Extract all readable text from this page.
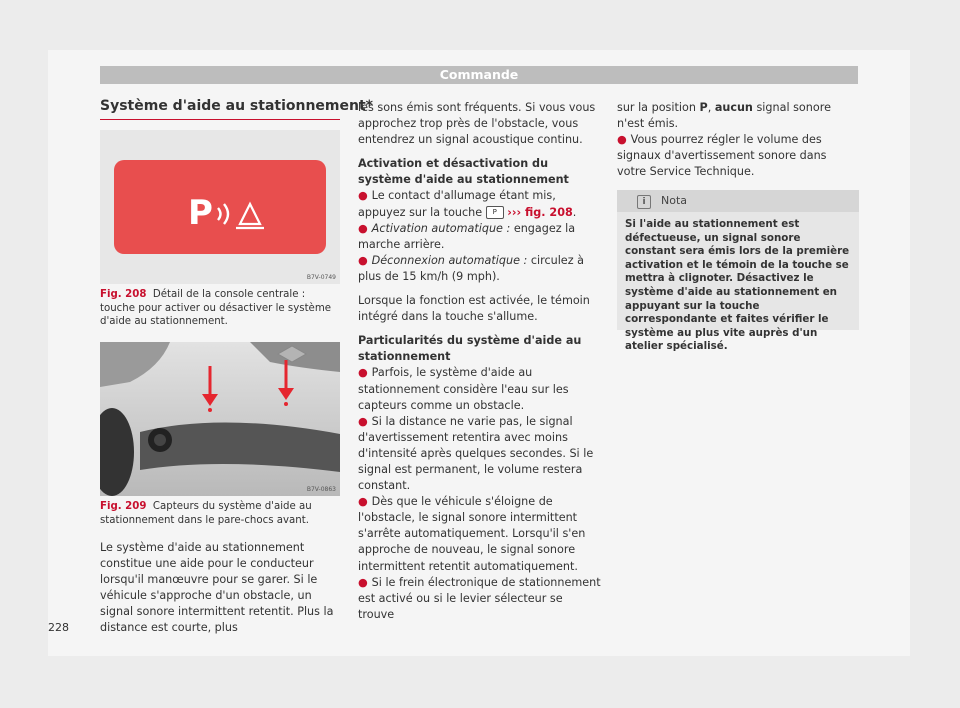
Commande
Système d'aide au stationnement*
P
B7V-0749
Fig. 208 Détail de la console centrale : touche pour activer ou désactiver le système d'aide au stationnement.
B7V-0863
Fig. 209 Capteurs du système d'aide au stationnement dans le pare-chocs avant.

Le système d'aide au stationnement constitue une aide pour le conducteur lorsqu'il manœuvre pour se garer. Si le véhicule s'approche d'un obstacle, un signal sonore intermittent retentit. Plus la distance est courte, plus

les sons émis sont fréquents. Si vous vous approchez trop près de l'obstacle, vous entendrez un signal acoustique continu.

Activation et désactivation du système d'aide au stationnement

● Le contact d'allumage étant mis, appuyez sur la touche P ››› fig. 208.

● Activation automatique : engagez la marche arrière.

● Déconnexion automatique : circulez à plus de 15 km/h (9 mph).

Lorsque la fonction est activée, le témoin intégré dans la touche s'allume.

Particularités du système d'aide au stationnement

● Parfois, le système d'aide au stationnement considère l'eau sur les capteurs comme un obstacle.

● Si la distance ne varie pas, le signal d'avertissement retentira avec moins d'intensité après quelques secondes. Si le signal est permanent, le volume restera constant.

● Dès que le véhicule s'éloigne de l'obstacle, le signal sonore intermittent s'arrête automatiquement. Lorsqu'il s'en approche de nouveau, le signal sonore intermittent retentit automatiquement.

● Si le frein électronique de stationnement est activé ou si le levier sélecteur se trouve

sur la position P, aucun signal sonore n'est émis.

● Vous pourrez régler le volume des signaux d'avertissement sonore dans votre Service Technique.

i	Nota
Si l'aide au stationnement est défectueuse, un signal sonore constant sera émis lors de la première activation et le témoin de la touche se mettra à clignoter. Désactivez le système d'aide au stationnement en appuyant sur la touche correspondante et faites vérifier le système au plus vite auprès d'un atelier spécialisé.
228
